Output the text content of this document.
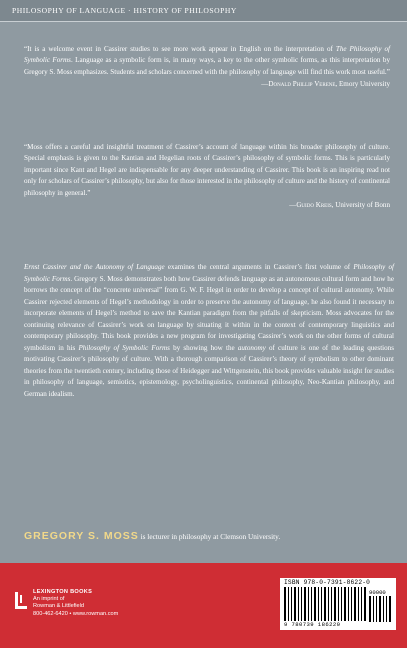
PHILOSOPHY OF LANGUAGE · HISTORY OF PHILOSOPHY

“It is a welcome event in Cassirer studies to see more work appear in English on the interpretation of The Philosophy of Symbolic Forms. Language as a symbolic form is, in many ways, a key to the other symbolic forms, as this interpretation by Gregory S. Moss emphasizes. Students and scholars concerned with the philosophy of language will find this work most useful.”

—Donald Phillip Verene, Emory University

“Moss offers a careful and insightful treatment of Cassirer’s account of language within his broader philosophy of culture. Special emphasis is given to the Kantian and Hegelian roots of Cassirer’s philosophy of symbolic forms. This is particularly important since Kant and Hegel are indispensable for any deeper understanding of Cassirer. This book is an inspiring read not only for scholars of Cassirer’s philosophy, but also for those interested in the philosophy of culture and the history of continental philosophy in general.”

—Guido Kreis, University of Bonn
Ernst Cassirer and the Autonomy of Language examines the central arguments in Cassirer’s first volume of Philosophy of Symbolic Forms. Gregory S. Moss demonstrates both how Cassirer defends language as an autonomous cultural form and how he borrows the concept of the “concrete universal” from G. W. F. Hegel in order to develop a concept of cultural autonomy. While Cassirer rejected elements of Hegel’s methodology in order to preserve the autonomy of language, he also found it necessary to incorporate elements of Hegel’s method to save the Kantian paradigm from the pitfalls of skepticism. Moss advocates for the continuing relevance of Cassirer’s work on language by situating it within in the context of contemporary linguistics and contemporary philosophy. This book provides a new program for investigating Cassirer’s work on the other forms of cultural symbolism in his Philosophy of Symbolic Forms by showing how the autonomy of culture is one of the leading questions motivating Cassirer’s philosophy of culture. With a thorough comparison of Cassirer’s theory of symbolism to other dominant theories from the twentieth century, including those of Heidegger and Wittgenstein, this book provides valuable insight for studies in philosophy of language, semiotics, epistemology, psycholinguistics, continental philosophy, Neo-Kantian philosophy, and German idealism.
GREGORY S. MOSS is lecturer in philosophy at Clemson University.
LEXINGTON BOOKS
An imprint of
Rowman & Littlefield
800-462-6420 • www.rowman.com
ISBN 978-0-7391-8622-0
90000
9 780739 186220
